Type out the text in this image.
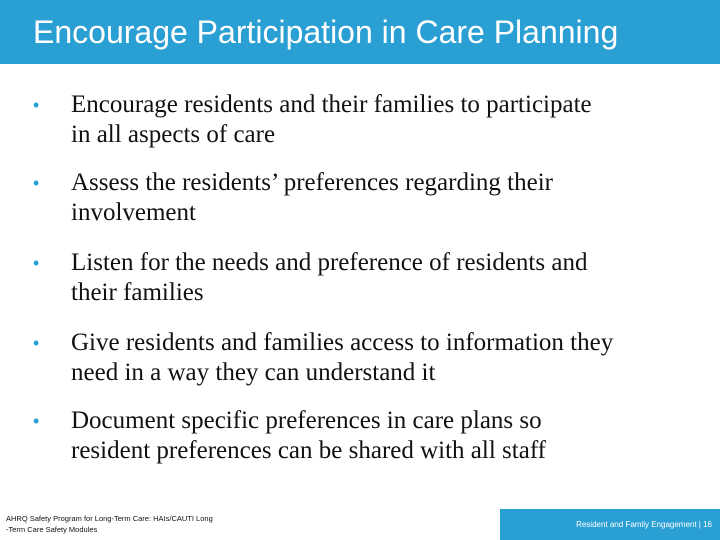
Encourage Participation in Care Planning
•	Encourage residents and their families to participate
in all aspects of care
•	Assess the residents’ preferences regarding their
involvement
•	Listen for the needs and preference of residents and
their families
•	Give residents and families access to information they
need in a way they can understand it
•	Document specific preferences in care plans so
resident preferences can be shared with all staff
AHRQ Safety Program for Long-Term Care: HAIs/CAUTI Long
-Term Care Safety Modules
Resident and Family Engagement | 16
